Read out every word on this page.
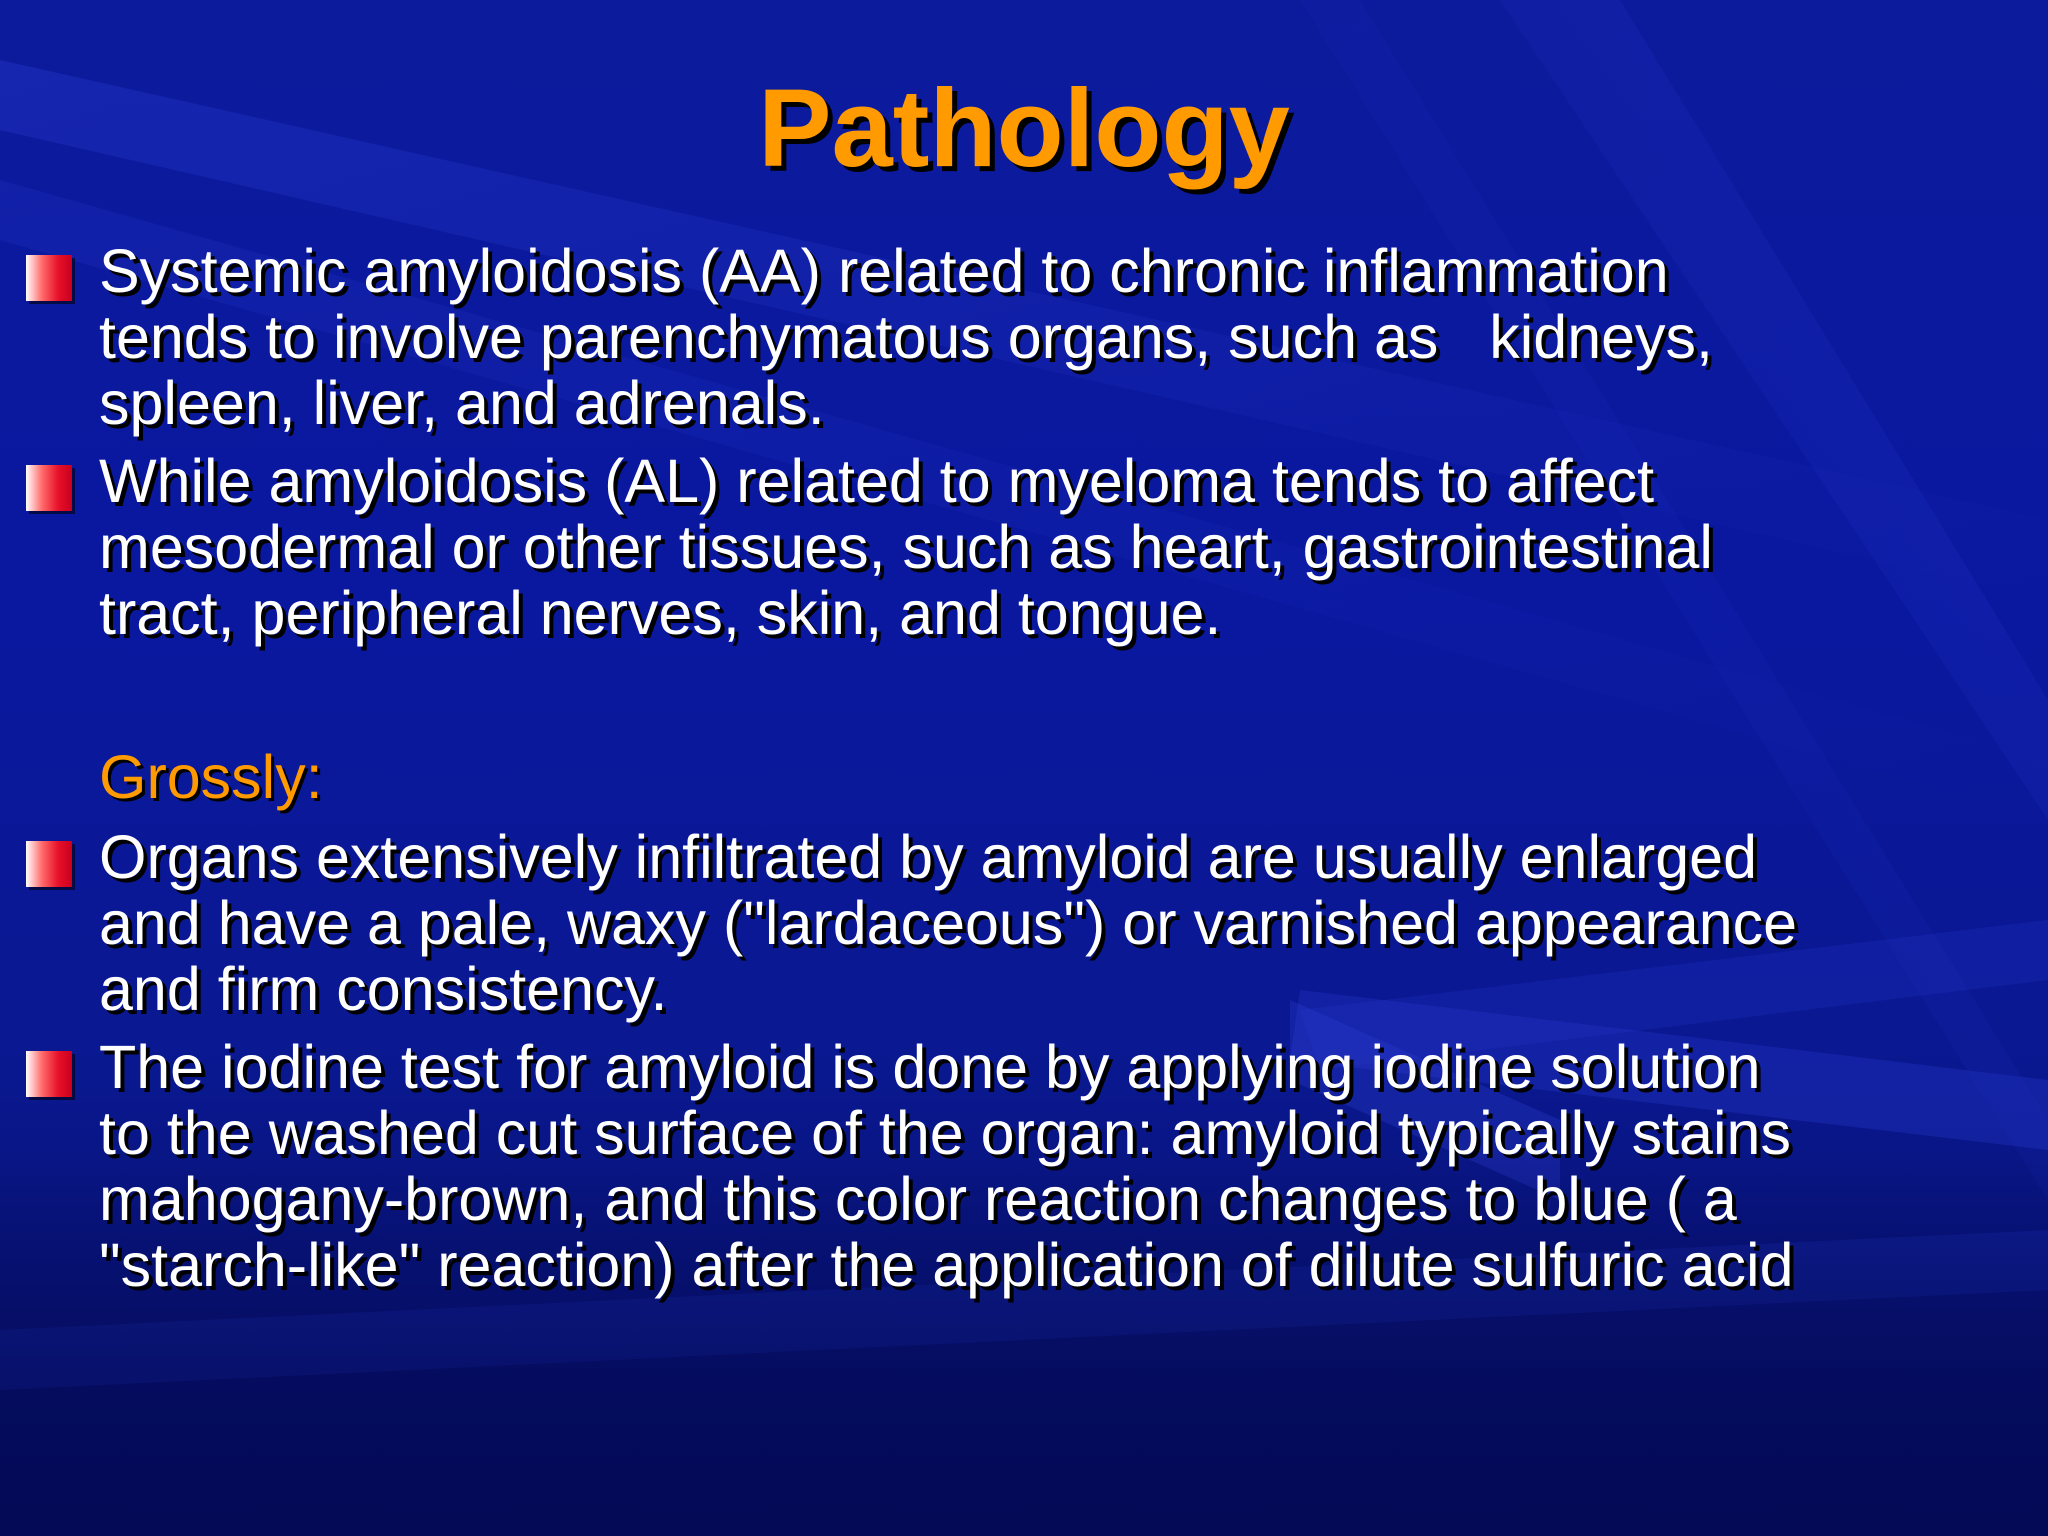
Pathology

Systemic amyloidosis (AA) related to chronic inflammation
tends to involve parenchymatous organs, such as   kidneys,
spleen, liver, and adrenals.

While amyloidosis (AL) related to myeloma tends to affect
mesodermal or other tissues, such as heart, gastrointestinal
tract, peripheral nerves, skin, and tongue.

Grossly:

Organs extensively infiltrated by amyloid are usually enlarged
and have a pale, waxy ("lardaceous") or varnished appearance
and firm consistency.

The iodine test for amyloid is done by applying iodine solution
to the washed cut surface of the organ: amyloid typically stains
mahogany-brown, and this color reaction changes to blue ( a
"starch-like" reaction) after the application of dilute sulfuric acid
